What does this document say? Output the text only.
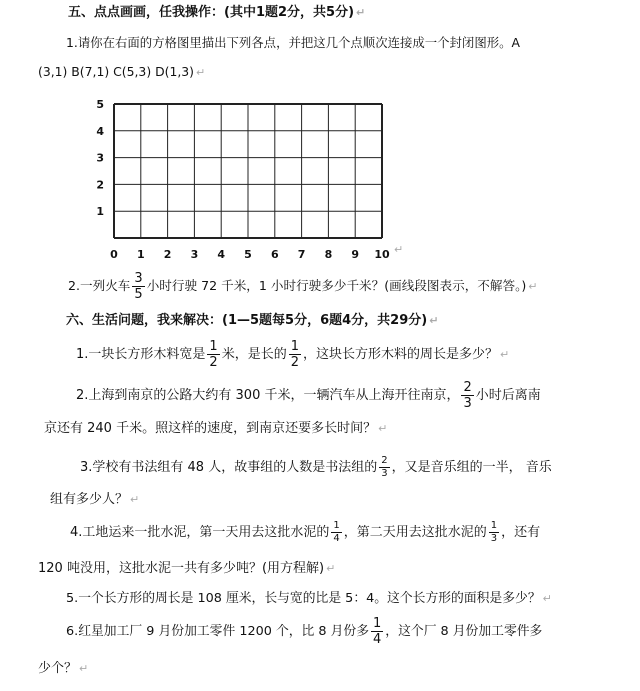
五、点点画画，任我操作：(其中1题2分，共5分) ↵
1.请你在右面的方格图里描出下列各点，并把这几个点顺次连接成一个封闭图形。A
(3,1) B(7,1) C(5,3) D(1,3) ↵
0 1 2 3 4 5 6 7 8 9 10
1
2
3
4
5
↵
2.一列火车 $\frac{3}{5}$ 小时行驶 72 千米，1 小时行驶多少千米？(画线段图表示，不解答。) ↵
六、生活问题，我来解决：(1—5题每5分，6题4分，共29分) ↵
1.一块长方形木料宽是 $\frac{1}{2}$ 米，是长的 $\frac{1}{2}$ ，这块长方形木料的周长是多少？ ↵
2.上海到南京的公路大约有 300 千米，一辆汽车从上海开往南京， $\frac{2}{3}$ 小时后离南
京还有 240 千米。照这样的速度，到南京还要多长时间？ ↵
3.学校有书法组有 48 人，故事组的人数是书法组的 $\frac{2}{3}$ ，又是音乐组的一半， 音乐
组有多少人？ ↵
4.工地运来一批水泥，第一天用去这批水泥的 $\frac{1}{4}$ ，第二天用去这批水泥的 $\frac{1}{3}$ ，还有
120 吨没用，这批水泥一共有多少吨？(用方程解) ↵
5.一个长方形的周长是 108 厘米，长与宽的比是 5：4。这个长方形的面积是多少？ ↵
6.红星加工厂 9 月份加工零件 1200 个，比 8 月份多 $\frac{1}{4}$ ，这个厂 8 月份加工零件多
少个？ ↵
